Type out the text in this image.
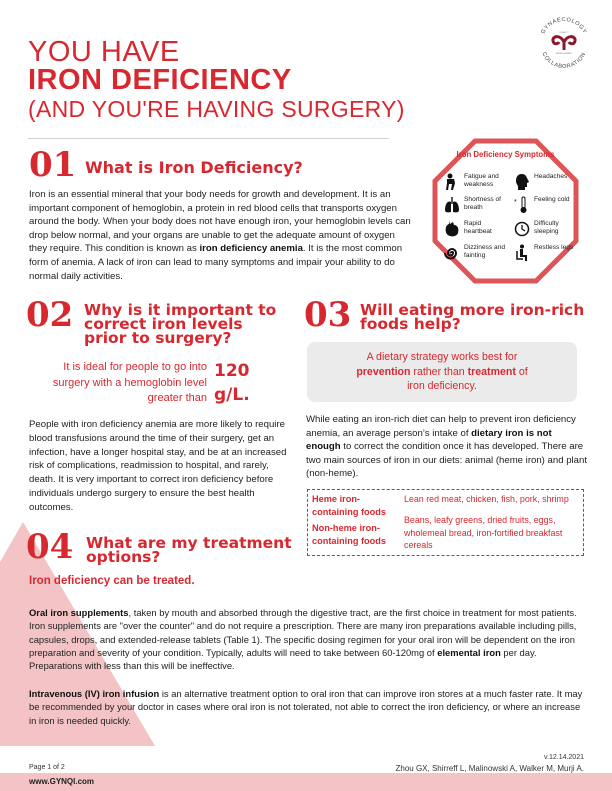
YOU HAVE
IRON DEFICIENCY
(AND YOU'RE HAVING SURGERY)
GYNAECOLOGY
COLLABORATION
QUALITY
IMPROVEMENT
01 What is Iron Deficiency?
Iron is an essential mineral that your body needs for growth and development. It is an important component of hemoglobin, a protein in red blood cells that transports oxygen around the body. When your body does not have enough iron, your hemoglobin levels can drop below normal, and your organs are unable to get the adequate amount of oxygen they require. This condition is known as iron deficiency anemia. It is the most common form of anemia. A lack of iron can lead to many symptoms and impair your ability to do normal daily activities.
Iron Deficiency Symptoms
Fatigue and weakness
Headaches
Shortness of breath
*	Feeling cold
Rapid heartbeat
Difficulty sleeping
Dizziness and fainting
Restless legs
02 Why is it important to correct iron levels prior to surgery?
It is ideal for people to go into surgery with a hemoglobin level greater than
120
g/L.
People with iron deficiency anemia are more likely to require blood transfusions around the time of their surgery, get an infection, have a longer hospital stay, and be at an increased risk of complications, readmission to hospital, and rarely, death. It is very important to correct iron deficiency before individuals undergo surgery to ensure the best health outcomes.
03 Will eating more iron-rich foods help?
A dietary strategy works best for prevention rather than treatment of iron deficiency.
While eating an iron-rich diet can help to prevent iron deficiency anemia, an average person’s intake of dietary iron is not enough to correct the condition once it has developed. There are two main sources of iron in our diets: animal (heme iron) and plant (non-heme).
Heme iron-containing foods
Lean red meat, chicken, fish, pork, shrimp
Non-heme iron-containing foods
Beans, leafy greens, dried fruits, eggs, wholemeal bread, iron-fortified breakfast cereals
04 What are my treatment options?
Iron deficiency can be treated.
Oral iron supplements, taken by mouth and absorbed through the digestive tract, are the first choice in treatment for most patients. Iron supplements are "over the counter" and do not require a prescription. There are many iron preparations available including pills, capsules, drops, and extended-release tablets (Table 1). The specific dosing regimen for your oral iron will be dependent on the iron preparation and severity of your condition. Typically, adults will need to take between 60-120mg of elemental iron per day. Preparations with less than this will be ineffective.
Intravenous (IV) iron infusion is an alternative treatment option to oral iron that can improve iron stores at a much faster rate. It may be recommended by your doctor in cases where oral iron is not tolerated, not able to correct the iron deficiency, or where an increase in iron is needed quickly.
v.12.14.2021
Zhou GX, Shirreff L, Malinowski A, Walker M, Murji A.
Page 1 of 2
www.GYNQI.com
